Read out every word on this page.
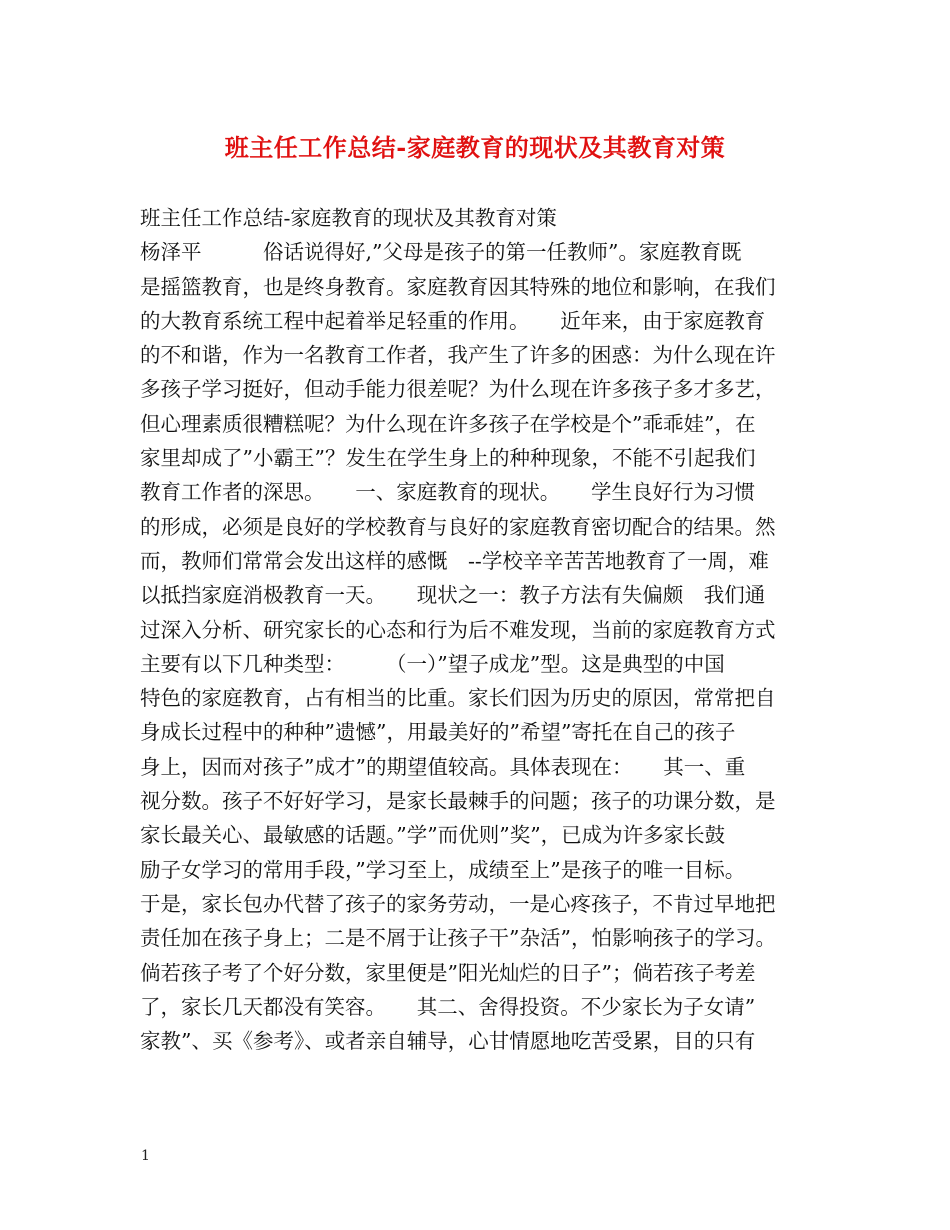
班主任工作总结-家庭教育的现状及其教育对策
班主任工作总结-家庭教育的现状及其教育对策
杨泽平　　　俗话说得好,”父母是孩子的第一任教师”。家庭教育既
是摇篮教育，也是终身教育。家庭教育因其特殊的地位和影响，在我们
的大教育系统工程中起着举足轻重的作用。　　近年来，由于家庭教育
的不和谐，作为一名教育工作者，我产生了许多的困惑：为什么现在许
多孩子学习挺好，但动手能力很差呢？为什么现在许多孩子多才多艺，
但心理素质很糟糕呢？为什么现在许多孩子在学校是个”乖乖娃”，在
家里却成了”小霸王”？发生在学生身上的种种现象，不能不引起我们
教育工作者的深思。　　一、家庭教育的现状。　　学生良好行为习惯
的形成，必须是良好的学校教育与良好的家庭教育密切配合的结果。然
而，教师们常常会发出这样的感慨　--学校辛辛苦苦地教育了一周，难
以抵挡家庭消极教育一天。　　现状之一：教子方法有失偏颇　我们通
过深入分析、研究家长的心态和行为后不难发现，当前的家庭教育方式
主要有以下几种类型：　　　（一）”望子成龙”型。这是典型的中国
特色的家庭教育，占有相当的比重。家长们因为历史的原因，常常把自
身成长过程中的种种”遗憾”，用最美好的”希望”寄托在自己的孩子
身上，因而对孩子”成才”的期望值较高。具体表现在：　　其一、重
视分数。孩子不好好学习，是家长最棘手的问题；孩子的功课分数，是
家长最关心、最敏感的话题。”学”而优则”奖”，已成为许多家长鼓
励子女学习的常用手段，”学习至上，成绩至上”是孩子的唯一目标。
于是，家长包办代替了孩子的家务劳动，一是心疼孩子，不肯过早地把
责任加在孩子身上；二是不屑于让孩子干”杂活”，怕影响孩子的学习。
倘若孩子考了个好分数，家里便是”阳光灿烂的日子”；倘若孩子考差
了，家长几天都没有笑容。　　其二、舍得投资。不少家长为子女请”
家教”、买《参考》、或者亲自辅导，心甘情愿地吃苦受累，目的只有
1
